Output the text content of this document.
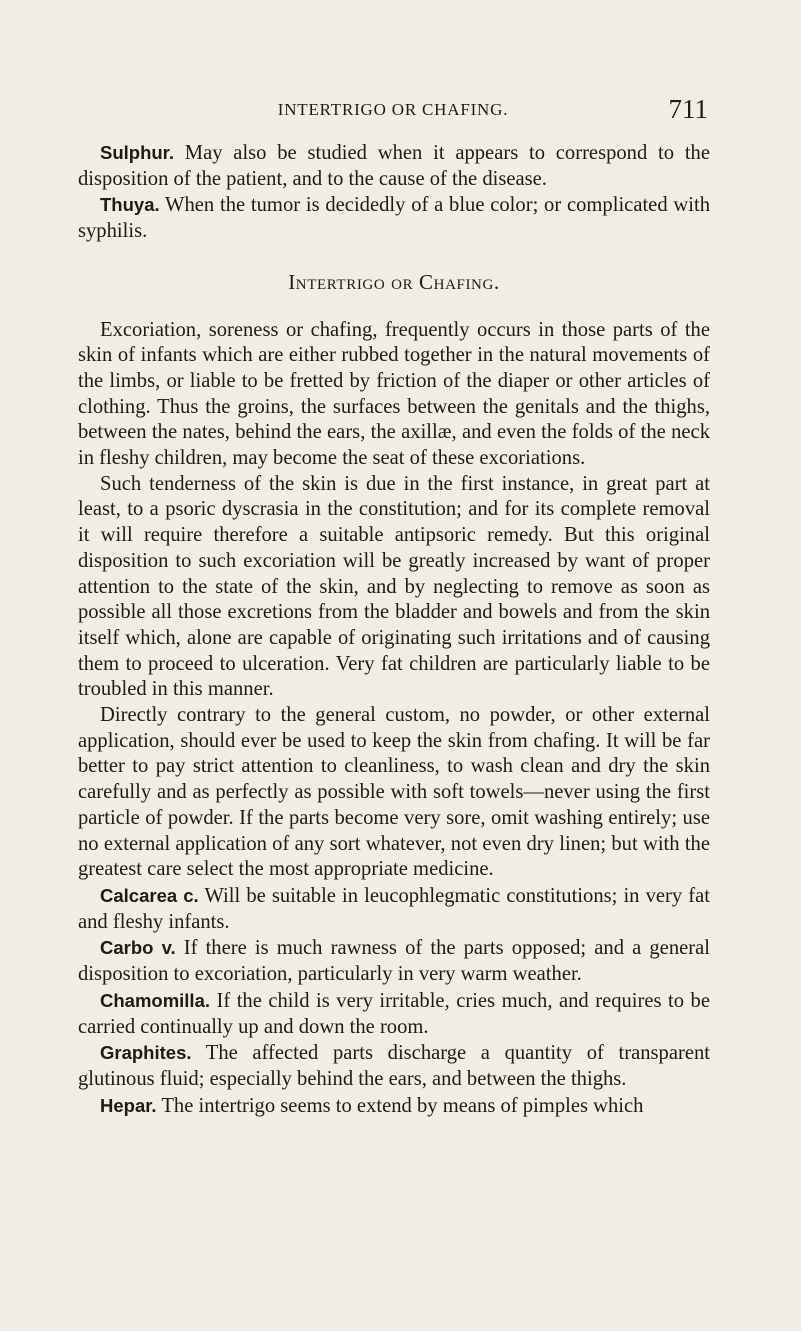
INTERTRIGO OR CHAFING.	711

Sulphur. May also be studied when it appears to correspond to the disposition of the patient, and to the cause of the disease.

Thuya. When the tumor is decidedly of a blue color; or complicated with syphilis.

Intertrigo or Chafing.

Excoriation, soreness or chafing, frequently occurs in those parts of the skin of infants which are either rubbed together in the natural movements of the limbs, or liable to be fretted by friction of the diaper or other articles of clothing. Thus the groins, the surfaces between the genitals and the thighs, between the nates, behind the ears, the axillæ, and even the folds of the neck in fleshy children, may become the seat of these excoriations.

Such tenderness of the skin is due in the first instance, in great part at least, to a psoric dyscrasia in the constitution; and for its complete removal it will require therefore a suitable antipsoric remedy. But this original disposition to such excoriation will be greatly increased by want of proper attention to the state of the skin, and by neglecting to remove as soon as possible all those excretions from the bladder and bowels and from the skin itself which, alone are capable of originating such irritations and of causing them to proceed to ulceration. Very fat children are particularly liable to be troubled in this manner.

Directly contrary to the general custom, no powder, or other external application, should ever be used to keep the skin from chafing. It will be far better to pay strict attention to cleanliness, to wash clean and dry the skin carefully and as perfectly as possible with soft towels—never using the first particle of powder. If the parts become very sore, omit washing entirely; use no external application of any sort whatever, not even dry linen; but with the greatest care select the most appropriate medicine.

Calcarea c. Will be suitable in leucophlegmatic constitutions; in very fat and fleshy infants.

Carbo v. If there is much rawness of the parts opposed; and a general disposition to excoriation, particularly in very warm weather.

Chamomilla. If the child is very irritable, cries much, and requires to be carried continually up and down the room.

Graphites. The affected parts discharge a quantity of transparent glutinous fluid; especially behind the ears, and between the thighs.

Hepar. The intertrigo seems to extend by means of pimples which
